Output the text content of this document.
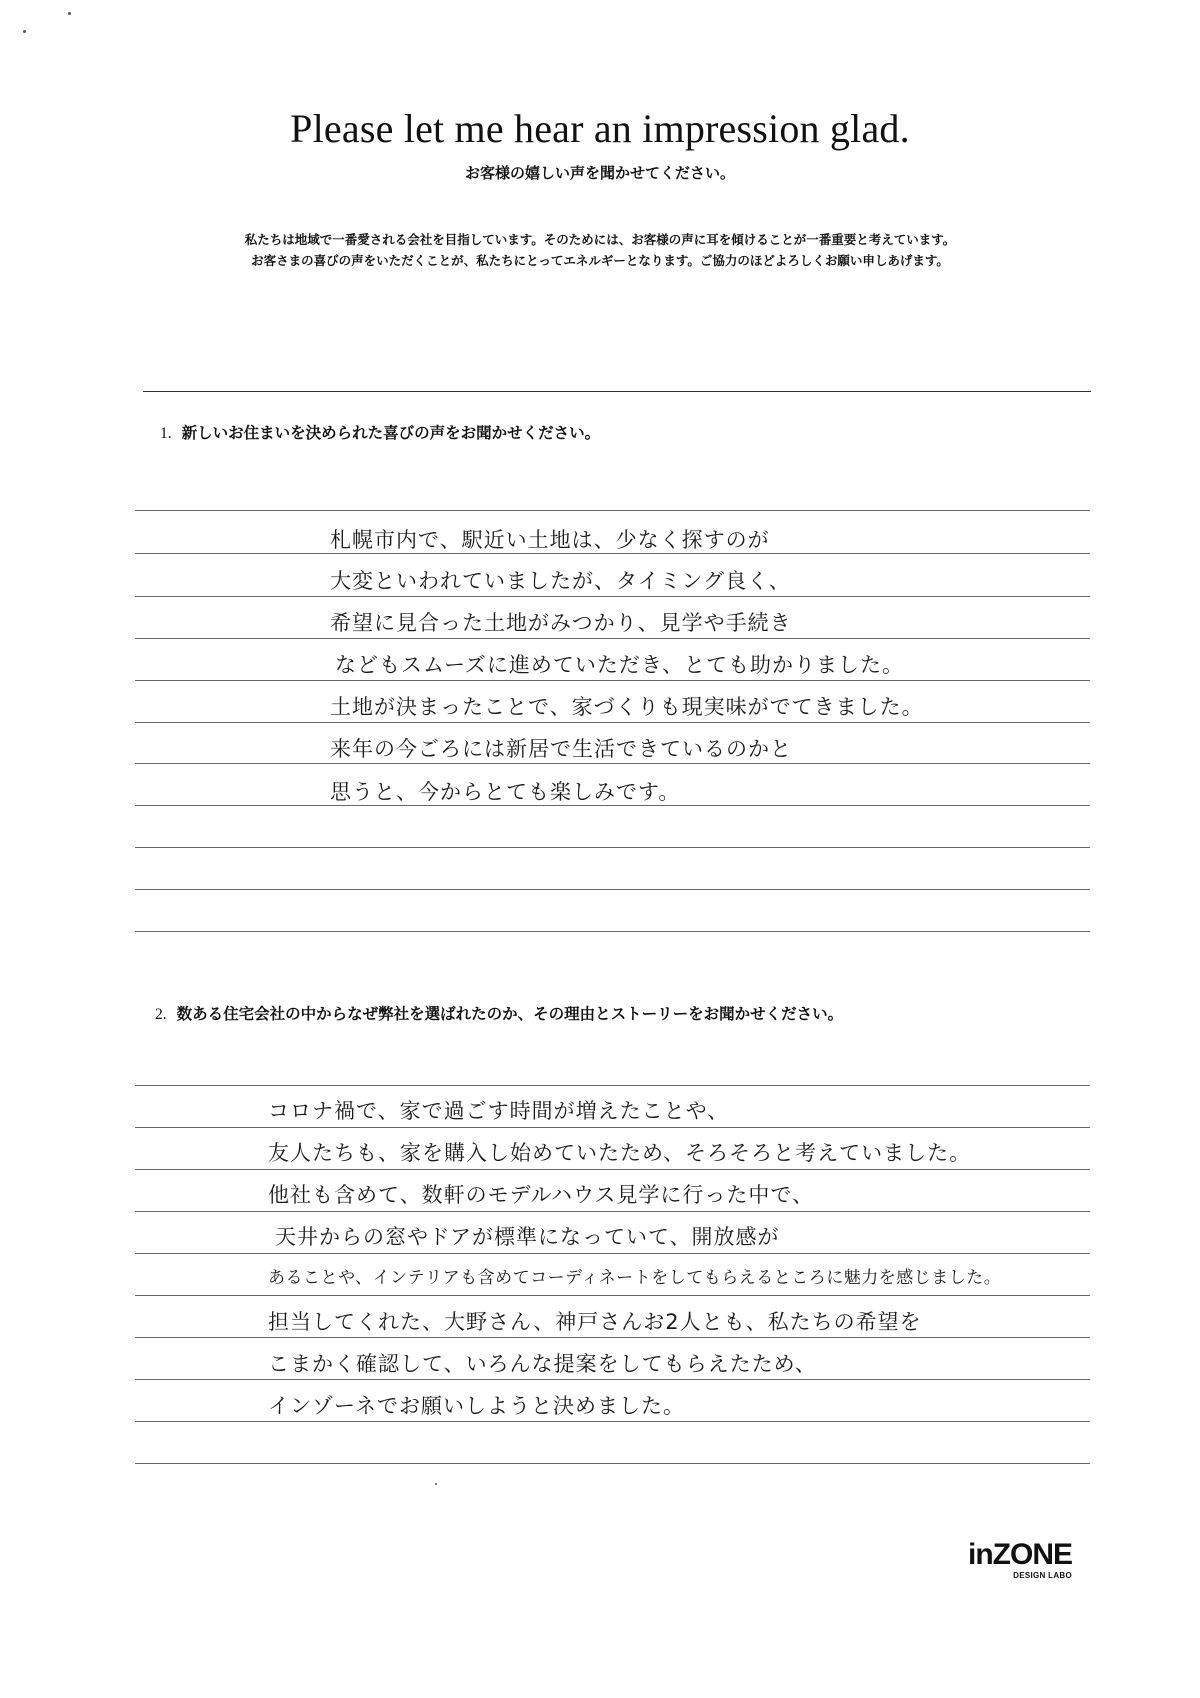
Please let me hear an impression glad.
お客様の嬉しい声を聞かせてください。
私たちは地域で一番愛される会社を目指しています。そのためには、お客様の声に耳を傾けることが一番重要と考えています。
お客さまの喜びの声をいただくことが、私たちにとってエネルギーとなります。ご協力のほどよろしくお願い申しあげます。
1. 新しいお住まいを決められた喜びの声をお聞かせください。
札幌市内で、駅近い土地は、少なく探すのが
大変といわれていましたが、タイミング良く、
希望に見合った土地がみつかり、見学や手続き
などもスムーズに進めていただき、とても助かりました。
土地が決まったことで、家づくりも現実味がでてきました。
来年の今ごろには新居で生活できているのかと
思うと、今からとても楽しみです。
2. 数ある住宅会社の中からなぜ弊社を選ばれたのか、その理由とストーリーをお聞かせください。
コロナ禍で、家で過ごす時間が増えたことや、
友人たちも、家を購入し始めていたため、そろそろと考えていました。
他社も含めて、数軒のモデルハウス見学に行った中で、
天井からの窓やドアが標準になっていて、開放感が
あることや、インテリアも含めてコーディネートをしてもらえるところに魅力を感じました。
担当してくれた、大野さん、神戸さんお2人とも、私たちの希望を
こまかく確認して、いろんな提案をしてもらえたため、
インゾーネでお願いしようと決めました。
inZONE
DESIGN LABO
